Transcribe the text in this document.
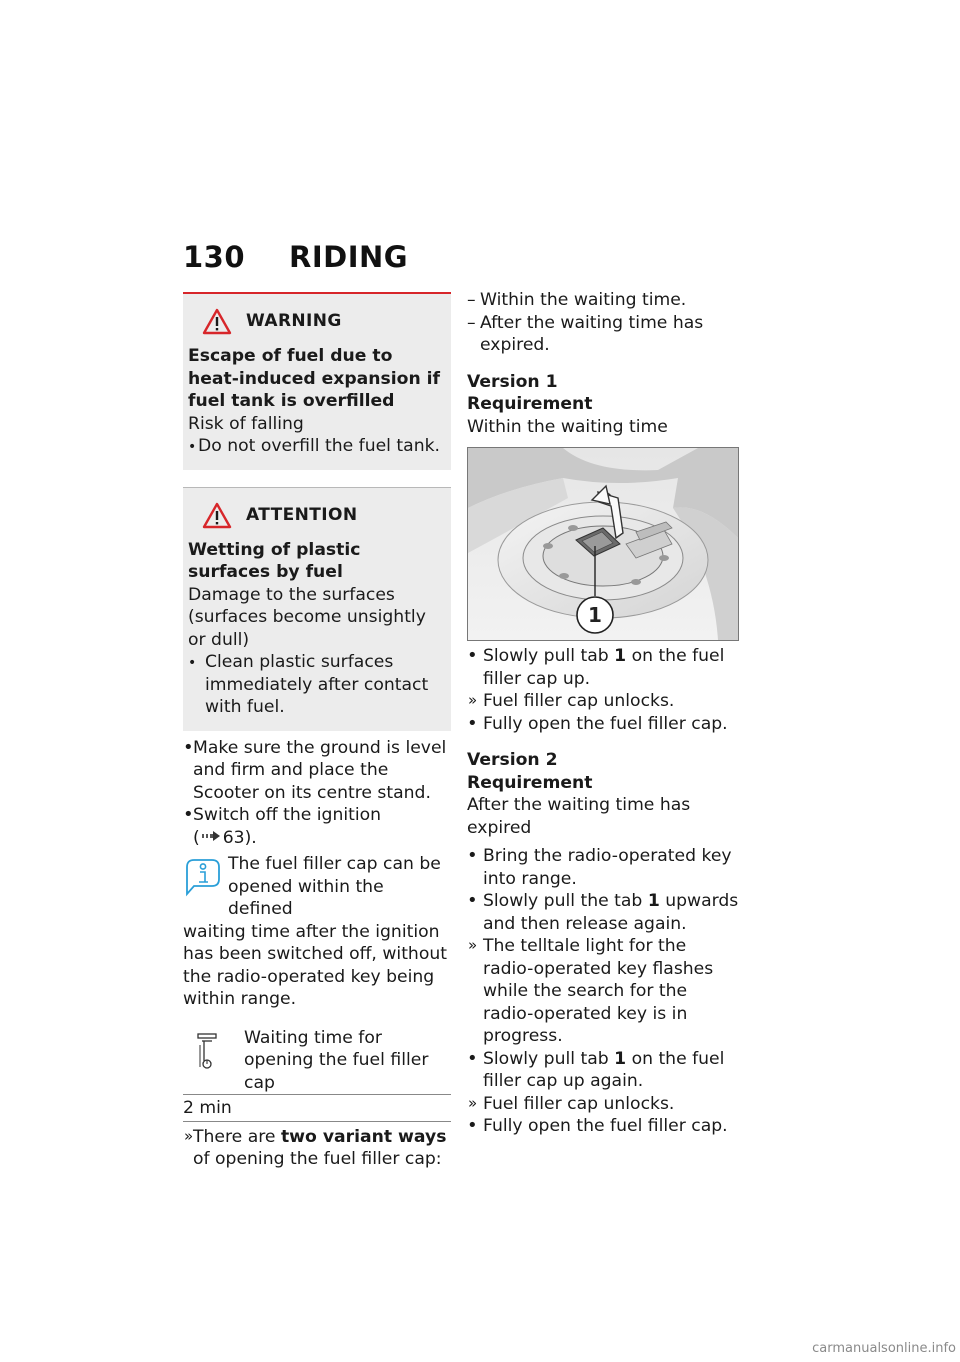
130 RIDING
WARNING

Escape of fuel due to heat-induced expansion if fuel tank is overfilled

Risk of falling

• Do not overfill the fuel tank.

ATTENTION

Wetting of plastic surfaces by fuel

Damage to the surfaces (surfaces become unsightly or dull)

• Clean plastic surfaces immediately after contact with fuel.

• Make sure the ground is level and firm and place the Scooter on its centre stand.

• Switch off the ignition
( 63).

The fuel filler cap can be opened within the defined

waiting time after the ignition has been switched off, without the radio-operated key being within range.

	Waiting time for opening the fuel filler cap
2 min

» There are two variant ways of opening the fuel filler cap:

– Within the waiting time.

– After the waiting time has expired.

Version 1
Requirement
Within the waiting time
1

• Slowly pull tab 1 on the fuel filler cap up.

» Fuel filler cap unlocks.

• Fully open the fuel filler cap.

Version 2
Requirement
After the waiting time has expired

• Bring the radio-operated key into range.

• Slowly pull the tab 1 upwards and then release again.

» The telltale light for the radio-operated key flashes while the search for the radio-operated key is in progress.

• Slowly pull tab 1 on the fuel filler cap up again.

» Fuel filler cap unlocks.

• Fully open the fuel filler cap.

carmanualsonline.info
